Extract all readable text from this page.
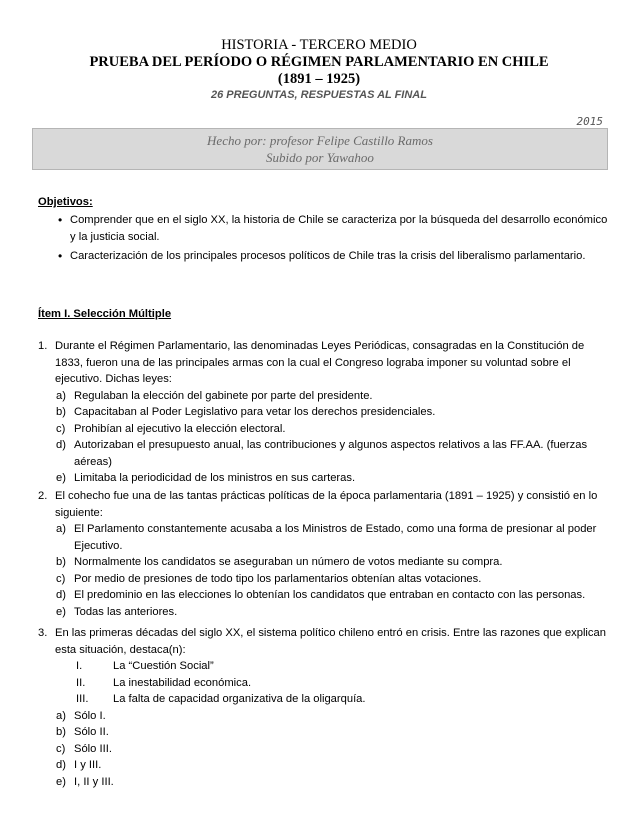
HISTORIA - TERCERO MEDIO
PRUEBA DEL PERÍODO O RÉGIMEN PARLAMENTARIO EN CHILE
(1891 – 1925)
26 PREGUNTAS, RESPUESTAS AL FINAL
2015
Hecho por: profesor Felipe Castillo Ramos
Subido por Yawahoo
Objetivos:
• Comprender que en el siglo XX, la historia de Chile se caracteriza por la búsqueda del desarrollo económico y la justicia social.
• Caracterización de los principales procesos políticos de Chile tras la crisis del liberalismo parlamentario.
Ítem I. Selección Múltiple
1. Durante el Régimen Parlamentario, las denominadas Leyes Periódicas, consagradas en la Constitución de 1833, fueron una de las principales armas con la cual el Congreso lograba imponer su voluntad sobre el ejecutivo. Dichas leyes:
a) Regulaban la elección del gabinete por parte del presidente.
b) Capacitaban al Poder Legislativo para vetar los derechos presidenciales.
c) Prohibían al ejecutivo la elección electoral.
d) Autorizaban el presupuesto anual, las contribuciones y algunos aspectos relativos a las FF.AA. (fuerzas aéreas)
e) Limitaba la periodicidad de los ministros en sus carteras.
2. El cohecho fue una de las tantas prácticas políticas de la época parlamentaria (1891 – 1925) y consistió en lo siguiente:
a) El Parlamento constantemente acusaba a los Ministros de Estado, como una forma de presionar al poder Ejecutivo.
b) Normalmente los candidatos se aseguraban un número de votos mediante su compra.
c) Por medio de presiones de todo tipo los parlamentarios obtenían altas votaciones.
d) El predominio en las elecciones lo obtenían los candidatos que entraban en contacto con las personas.
e) Todas las anteriores.
3. En las primeras décadas del siglo XX, el sistema político chileno entró en crisis. Entre las razones que explican esta situación, destaca(n):
I.	La “Cuestión Social”
II. La inestabilidad económica.
III. La falta de capacidad organizativa de la oligarquía.
a) Sólo I.
b) Sólo II.
c) Sólo III.
d) I y III.
e) I, II y III.
